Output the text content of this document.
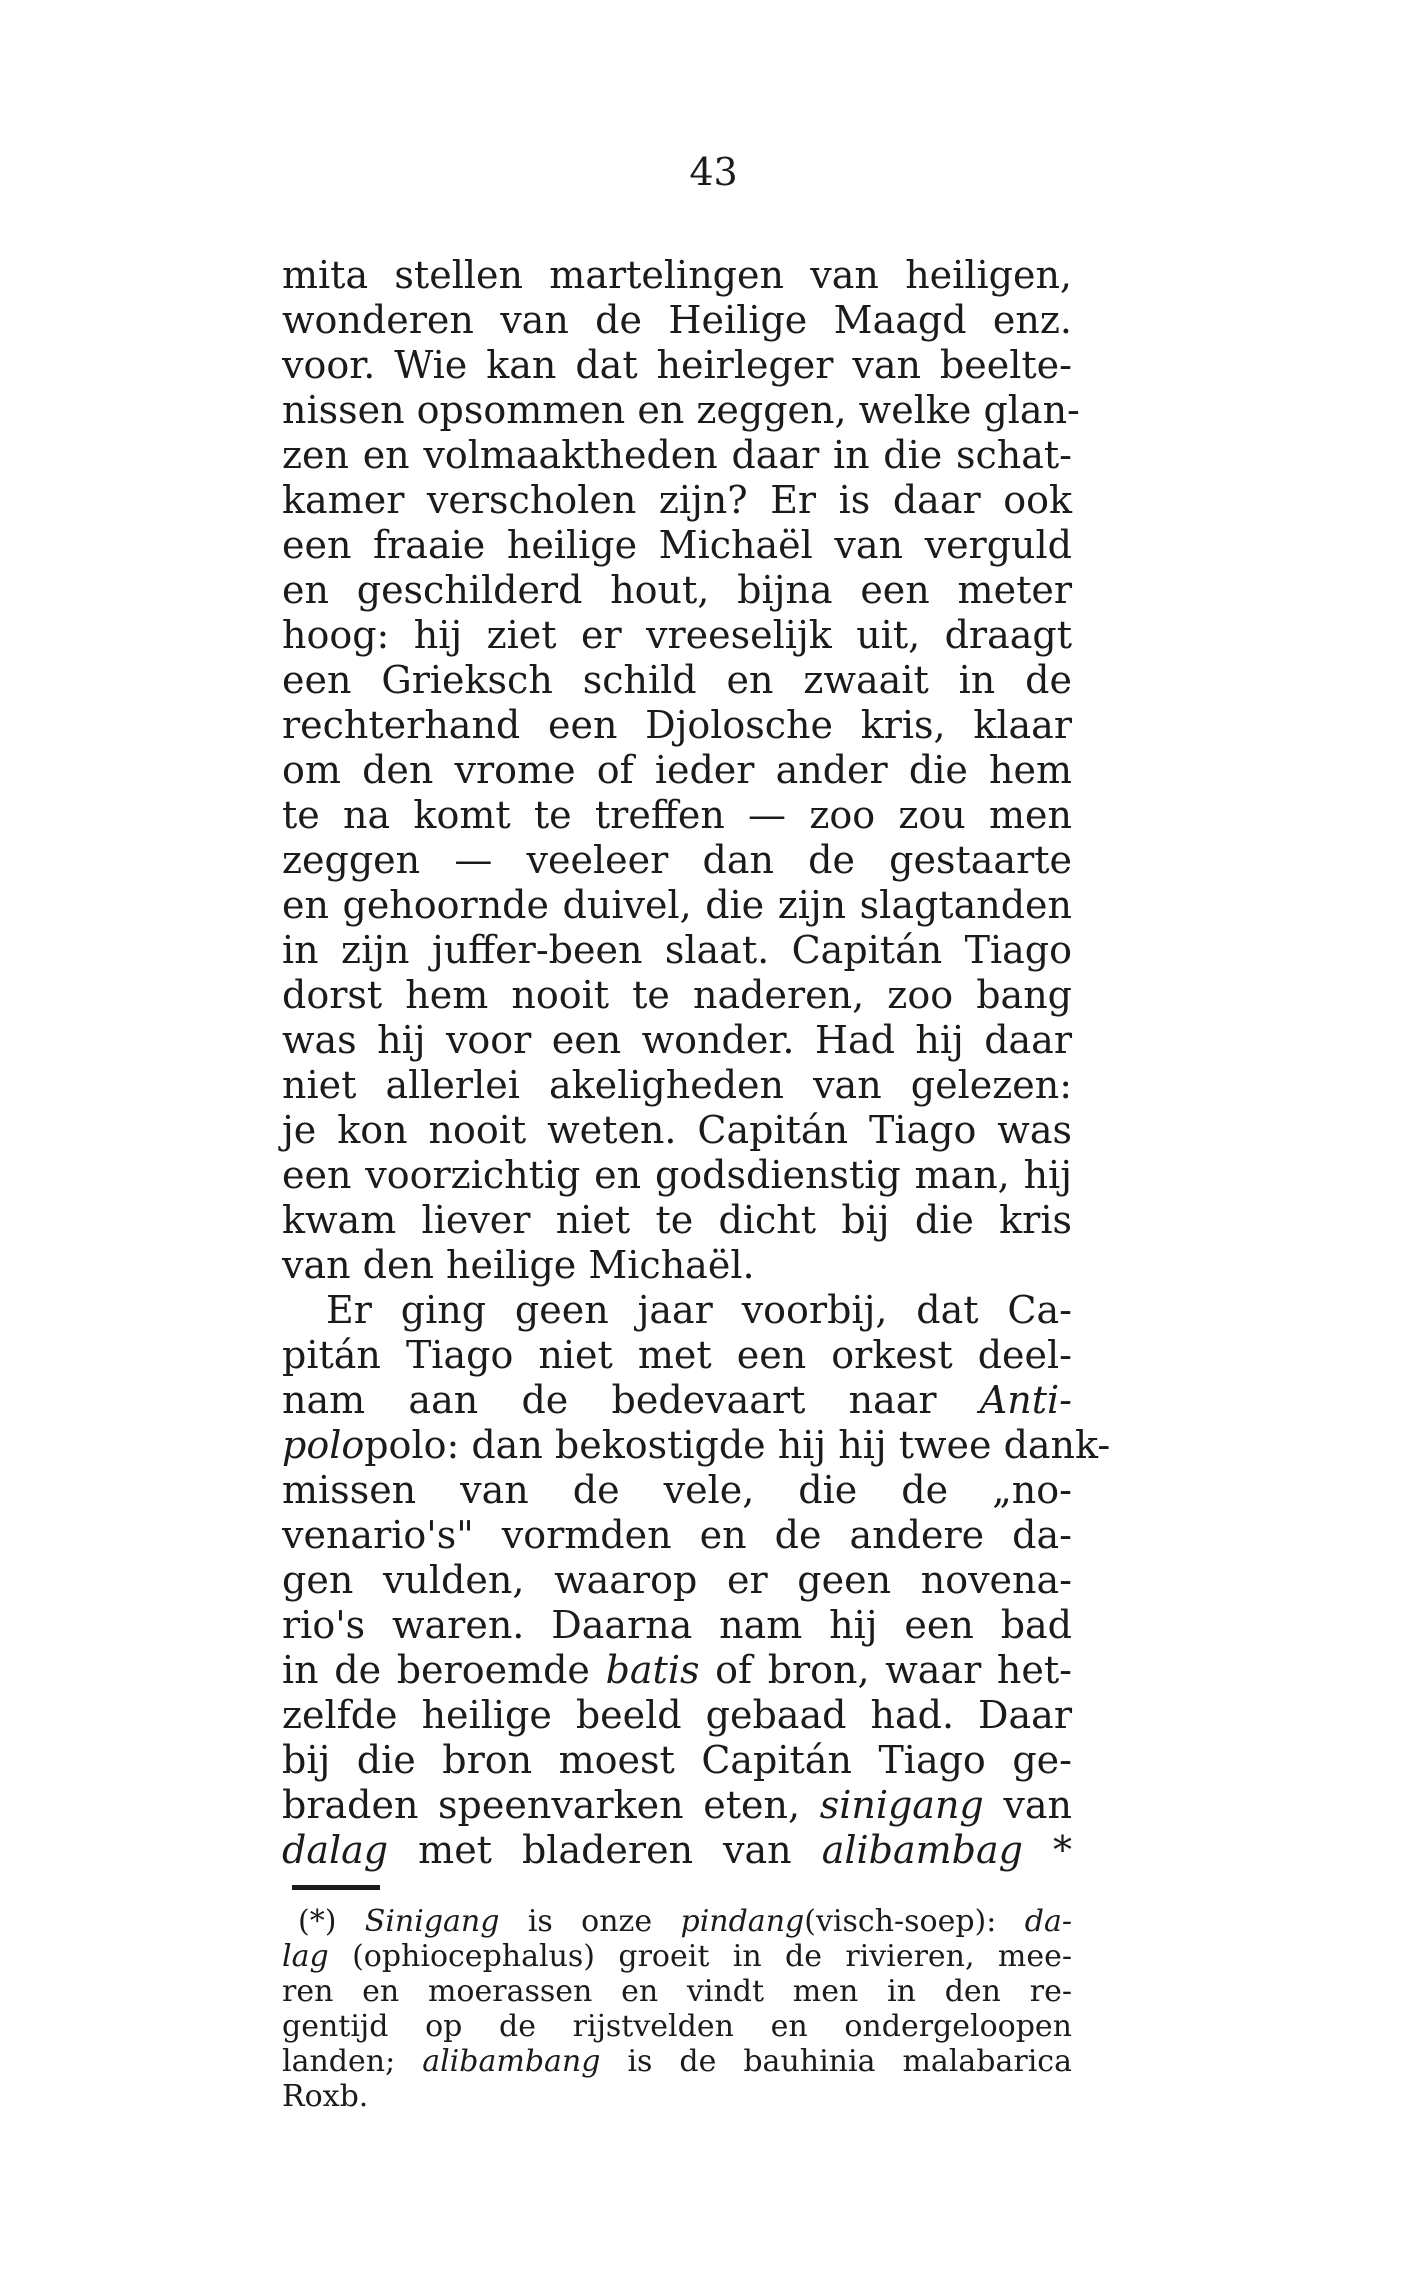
43

mita stellen martelingen van heiligen,

wonderen van de Heilige Maagd enz.

voor. Wie kan dat heirleger van beelte-

nissen opsommen en zeggen, welke glan-

zen en volmaaktheden daar in die schat-

kamer verscholen zijn? Er is daar ook

een fraaie heilige Michaël van verguld

en geschilderd hout, bijna een meter

hoog: hij ziet er vreeselijk uit, draagt

een Grieksch schild en zwaait in de

rechterhand een Djolosche kris, klaar

om den vrome of ieder ander die hem

te na komt te treffen — zoo zou men

zeggen — veeleer dan de gestaarte

en gehoornde duivel, die zijn slagtanden

in zijn juffer-been slaat. Capitán Tiago

dorst hem nooit te naderen, zoo bang

was hij voor een wonder. Had hij daar

niet allerlei akeligheden van gelezen:

je kon nooit weten. Capitán Tiago was

een voorzichtig en godsdienstig man, hij

kwam liever niet te dicht bij die kris

van den heilige Michaël.

Er ging geen jaar voorbij, dat Ca-

pitán Tiago niet met een orkest deel-

nam aan de bedevaart naar Anti-

polopolo: dan bekostigde hij hij twee dank-

missen van de vele, die de „no-

venario's" vormden en de andere da-

gen vulden, waarop er geen novena-

rio's waren. Daarna nam hij een bad

in de beroemde batis of bron, waar het-

zelfde heilige beeld gebaad had. Daar

bij die bron moest Capitán Tiago ge-

braden speenvarken eten, sinigang van

dalag met bladeren van alibambag *

(*) Sinigang is onze pindang(visch-soep): da-

lag (ophiocephalus) groeit in de rivieren, mee-

ren en moerassen en vindt men in den re-

gentijd op de rijstvelden en ondergeloopen

landen; alibambang is de bauhinia malabarica

Roxb.
